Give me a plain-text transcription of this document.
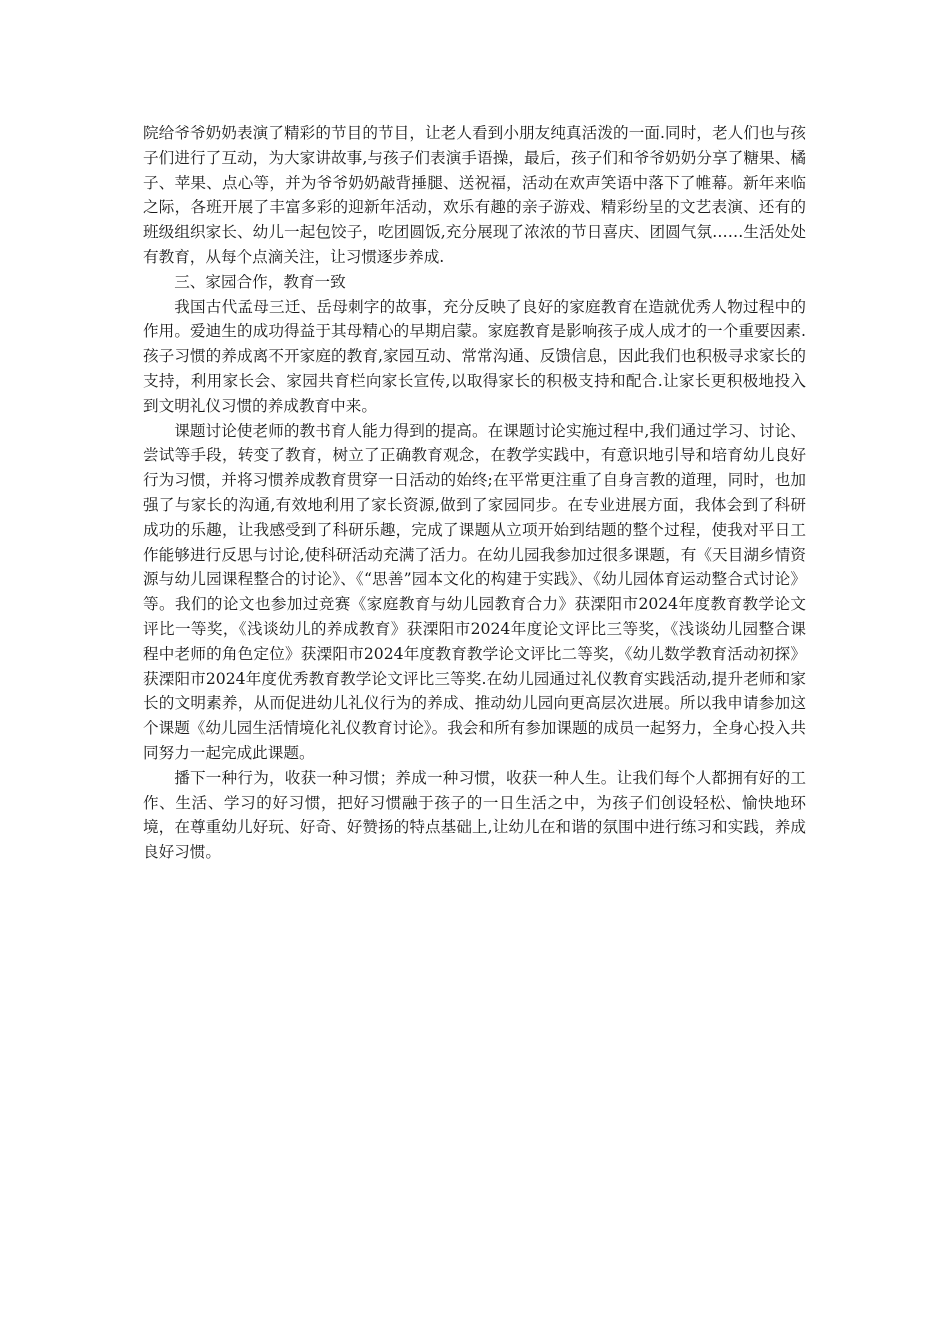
院给爷爷奶奶表演了精彩的节目的节目，让老人看到小朋友纯真活泼的一面.同时，老人们也与孩子们进行了互动，为大家讲故事,与孩子们表演手语操，最后，孩子们和爷爷奶奶分享了糖果、橘子、苹果、点心等，并为爷爷奶奶敲背捶腿、送祝福，活动在欢声笑语中落下了帷幕。新年来临之际，各班开展了丰富多彩的迎新年活动，欢乐有趣的亲子游戏、精彩纷呈的文艺表演、还有的班级组织家长、幼儿一起包饺子，吃团圆饭,充分展现了浓浓的节日喜庆、团圆气氛……生活处处有教育，从每个点滴关注，让习惯逐步养成.

三、家园合作，教育一致

我国古代孟母三迁、岳母刺字的故事，充分反映了良好的家庭教育在造就优秀人物过程中的作用。爱迪生的成功得益于其母精心的早期启蒙。家庭教育是影响孩子成人成才的一个重要因素.孩子习惯的养成离不开家庭的教育,家园互动、常常沟通、反馈信息，因此我们也积极寻求家长的支持，利用家长会、家园共育栏向家长宣传,以取得家长的积极支持和配合.让家长更积极地投入到文明礼仪习惯的养成教育中来。

课题讨论使老师的教书育人能力得到的提高。在课题讨论实施过程中,我们通过学习、讨论、尝试等手段，转变了教育，树立了正确教育观念，在教学实践中，有意识地引导和培育幼儿良好行为习惯，并将习惯养成教育贯穿一日活动的始终;在平常更注重了自身言教的道理，同时，也加强了与家长的沟通,有效地利用了家长资源,做到了家园同步。在专业进展方面，我体会到了科研成功的乐趣，让我感受到了科研乐趣，完成了课题从立项开始到结题的整个过程，使我对平日工作能够进行反思与讨论,使科研活动充满了活力。在幼儿园我参加过很多课题，有《天目湖乡情资源与幼儿园课程整合的讨论》、《“思善”园本文化的构建于实践》、《幼儿园体育运动整合式讨论》等。我们的论文也参加过竞赛《家庭教育与幼儿园教育合力》获溧阳市2024年度教育教学论文评比一等奖，《浅谈幼儿的养成教育》获溧阳市2024年度论文评比三等奖，《浅谈幼儿园整合课程中老师的角色定位》获溧阳市2024年度教育教学论文评比二等奖，《幼儿数学教育活动初探》获溧阳市2024年度优秀教育教学论文评比三等奖.在幼儿园通过礼仪教育实践活动,提升老师和家长的文明素养，从而促进幼儿礼仪行为的养成、推动幼儿园向更高层次进展。所以我申请参加这个课题《幼儿园生活情境化礼仪教育讨论》。我会和所有参加课题的成员一起努力，全身心投入共同努力一起完成此课题。

播下一种行为，收获一种习惯；养成一种习惯，收获一种人生。让我们每个人都拥有好的工作、生活、学习的好习惯，把好习惯融于孩子的一日生活之中，为孩子们创设轻松、愉快地环境，在尊重幼儿好玩、好奇、好赞扬的特点基础上,让幼儿在和谐的氛围中进行练习和实践，养成良好习惯。
